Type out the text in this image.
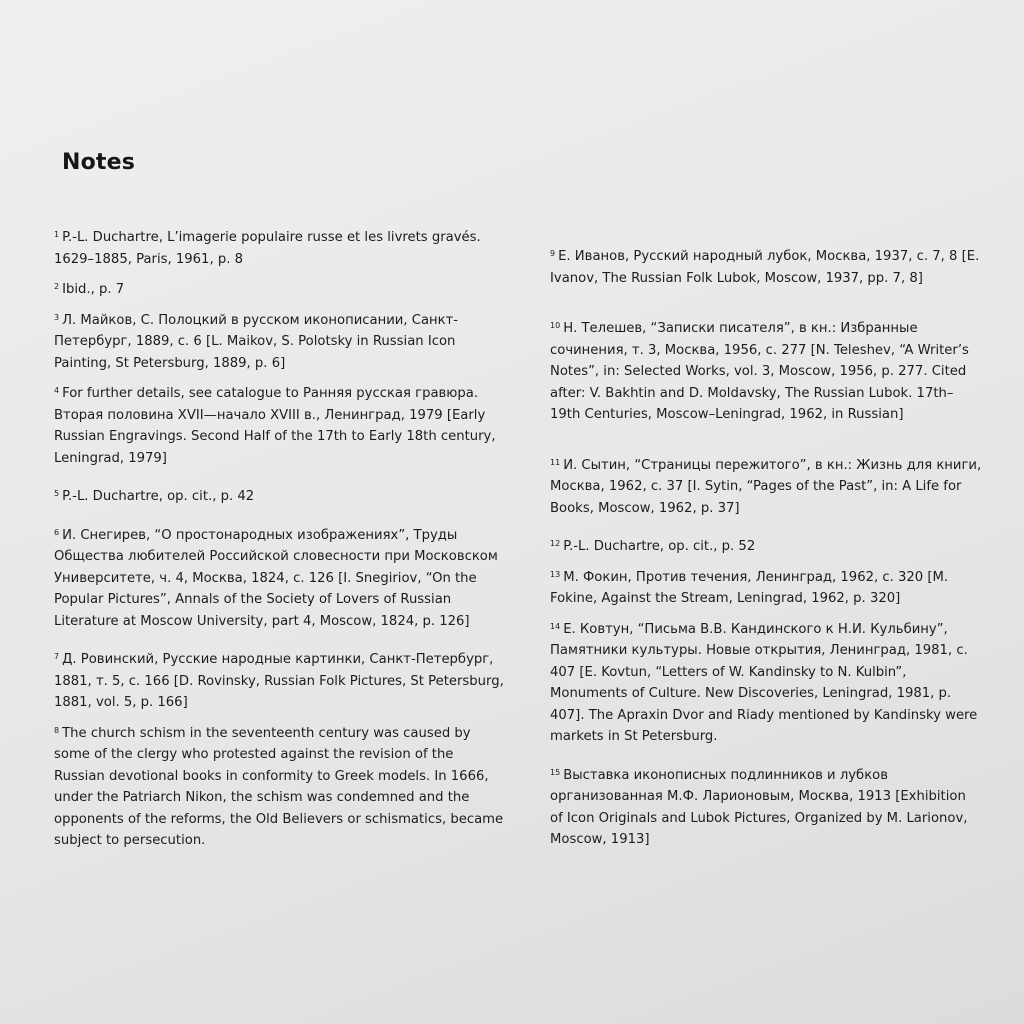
Notes

$^1$ P.-L. Duchartre, L’imagerie populaire russe et les livrets gravés. 1629–1885, Paris, 1961, p. 8

$^2$ Ibid., p. 7

$^3$ Л. Майков, С. Полоцкий в русском иконописании, Санкт-Петербург, 1889, с. 6 [L. Maikov, S. Polotsky in Russian Icon Painting, St Petersburg, 1889, p. 6]

$^4$ For further details, see catalogue to Ранняя русская гравюра. Вторая половина XVII—начало XVIII в., Ленинград, 1979 [Early Russian Engravings. Second Half of the 17th to Early 18th century, Leningrad, 1979]

$^5$ P.-L. Duchartre, op. cit., p. 42

$^6$ И. Снегирев, “О простонародных изображениях”, Труды Общества любителей Российской словесности при Московском Университете, ч. 4, Москва, 1824, с. 126 [I. Snegiriov, “On the Popular Pictures”, Annals of the Society of Lovers of Russian Literature at Moscow University, part 4, Moscow, 1824, p. 126]

$^7$ Д. Ровинский, Русские народные картинки, Санкт-Петербург, 1881, т. 5, с. 166 [D. Rovinsky, Russian Folk Pictures, St Petersburg, 1881, vol. 5, p. 166]

$^8$ The church schism in the seventeenth century was caused by some of the clergy who protested against the revision of the Russian devotional books in conformity to Greek models. In 1666, under the Patriarch Nikon, the schism was condemned and the opponents of the reforms, the Old Believers or schismatics, became subject to persecution.

$^9$ Е. Иванов, Русский народный лубок, Москва, 1937, с. 7, 8 [E. Ivanov, The Russian Folk Lubok, Moscow, 1937, pp. 7, 8]

$^{10}$ Н. Телешев, “Записки писателя”, в кн.: Избранные сочинения, т. 3, Москва, 1956, с. 277 [N. Teleshev, “A Writer’s Notes”, in: Selected Works, vol. 3, Moscow, 1956, p. 277. Cited after: V. Bakhtin and D. Moldavsky, The Russian Lubok. 17th–19th Centuries, Moscow–Leningrad, 1962, in Russian]

$^{11}$ И. Сытин, “Страницы пережитого”, в кн.: Жизнь для книги, Москва, 1962, с. 37 [I. Sytin, “Pages of the Past”, in: A Life for Books, Moscow, 1962, p. 37]

$^{12}$ P.-L. Duchartre, op. cit., p. 52

$^{13}$ М. Фокин, Против течения, Ленинград, 1962, с. 320 [M. Fokine, Against the Stream, Leningrad, 1962, p. 320]

$^{14}$ Е. Ковтун, “Письма В.В. Кандинского к Н.И. Кульбину”, Памятники культуры. Новые открытия, Ленинград, 1981, с. 407 [E. Kovtun, “Letters of W. Kandinsky to N. Kulbin”, Monuments of Culture. New Discoveries, Leningrad, 1981, p. 407]. The Apraxin Dvor and Riady mentioned by Kandinsky were markets in St Petersburg.

$^{15}$ Выставка иконописных подлинников и лубков организованная М.Ф. Ларионовым, Москва, 1913 [Exhibition of Icon Originals and Lubok Pictures, Organized by M. Larionov, Moscow, 1913]
